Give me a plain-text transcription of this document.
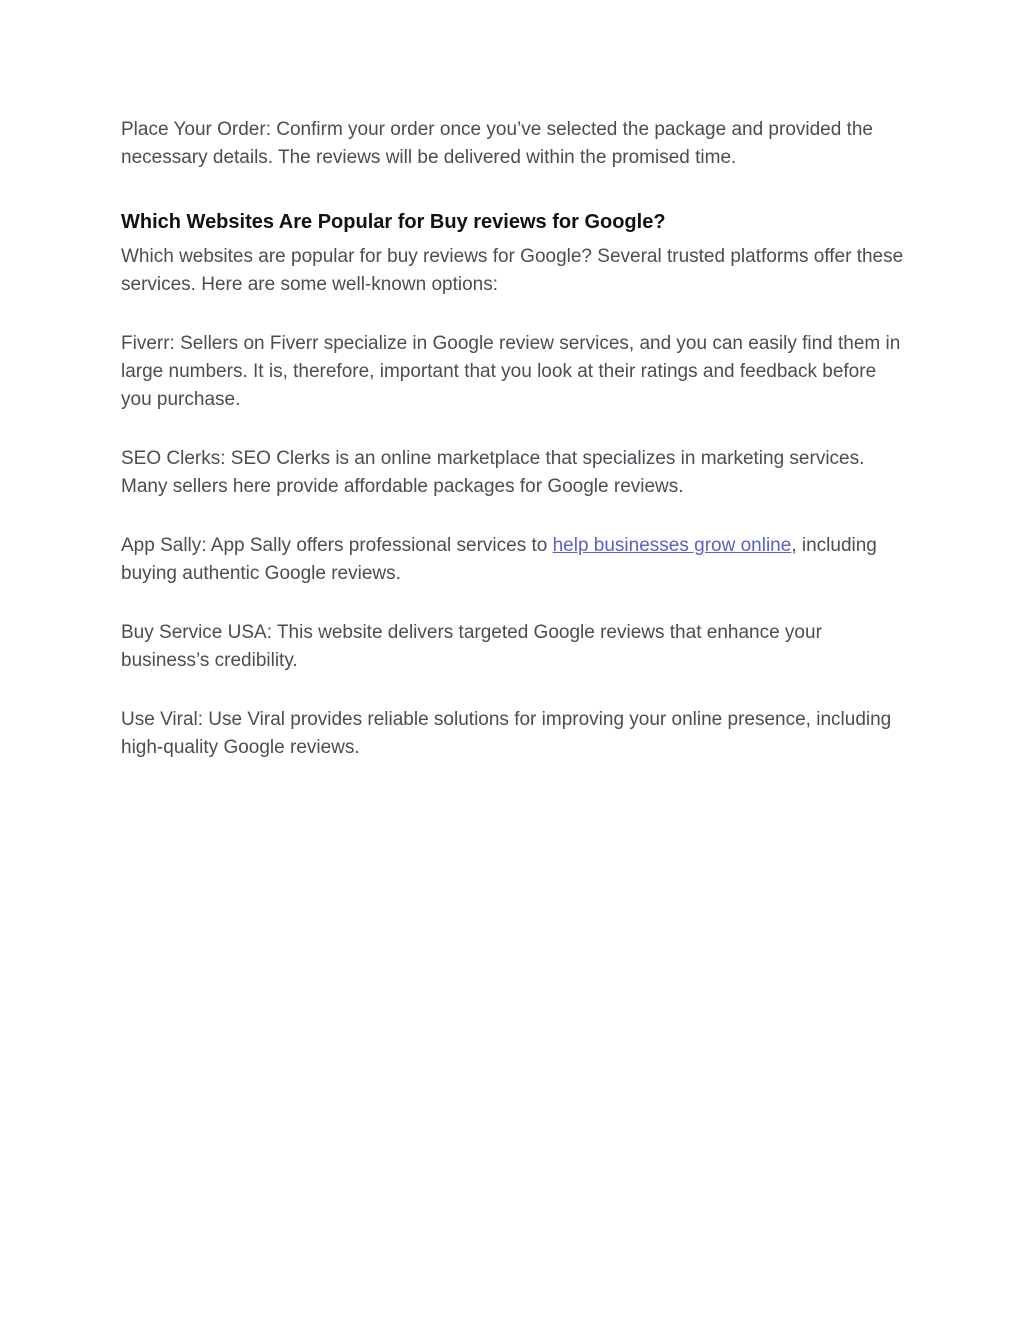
Place Your Order: Confirm your order once you’ve selected the package and provided the necessary details. The reviews will be delivered within the promised time.

Which Websites Are Popular for Buy reviews for Google?

Which websites are popular for buy reviews for Google? Several trusted platforms offer these services. Here are some well-known options:

Fiverr: Sellers on Fiverr specialize in Google review services, and you can easily find them in large numbers. It is, therefore, important that you look at their ratings and feedback before you purchase.

SEO Clerks: SEO Clerks is an online marketplace that specializes in marketing services. Many sellers here provide affordable packages for Google reviews.

App Sally: App Sally offers professional services to help businesses grow online, including buying authentic Google reviews.

Buy Service USA: This website delivers targeted Google reviews that enhance your business’s credibility.

Use Viral: Use Viral provides reliable solutions for improving your online presence, including high-quality Google reviews.
